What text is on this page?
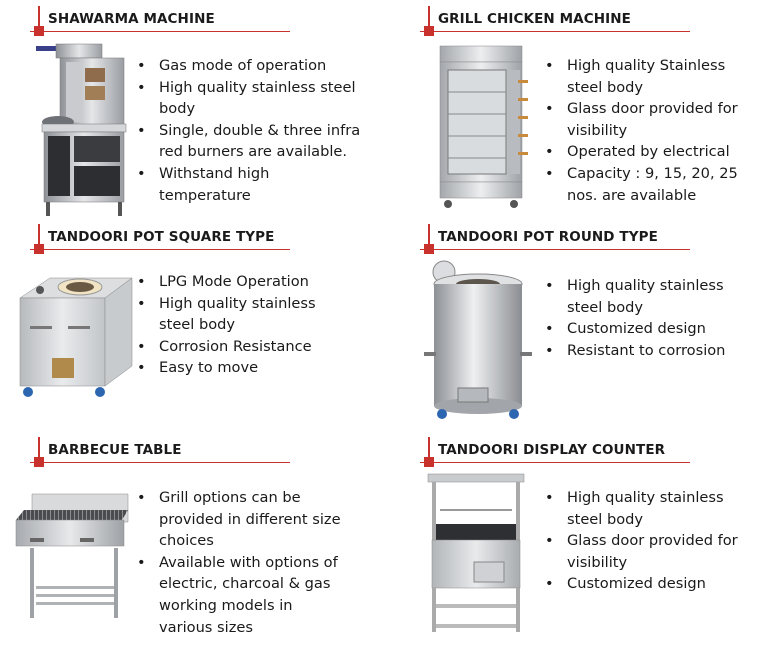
SHAWARMA MACHINE	GRILL CHICKEN MACHINE
TANDOORI POT SQUARE TYPE	TANDOORI POT ROUND TYPE
BARBECUE TABLE	TANDOORI DISPLAY COUNTER
• Gas mode of operation
• High quality stainless steel body
• Single, double & three infra red burners are available.
• Withstand high temperature
• High quality Stainless steel body
• Glass door provided for visibility
• Operated by electrical
• Capacity : 9, 15, 20, 25 nos. are available
• LPG Mode Operation
• High quality stainless steel body
• Corrosion Resistance
• Easy to move
• High quality stainless steel body
• Customized design
• Resistant to corrosion
• Grill options can be provided in different size choices
• Available with options of electric, charcoal & gas working models in various sizes
• High quality stainless steel body
• Glass door provided for visibility
• Customized design
